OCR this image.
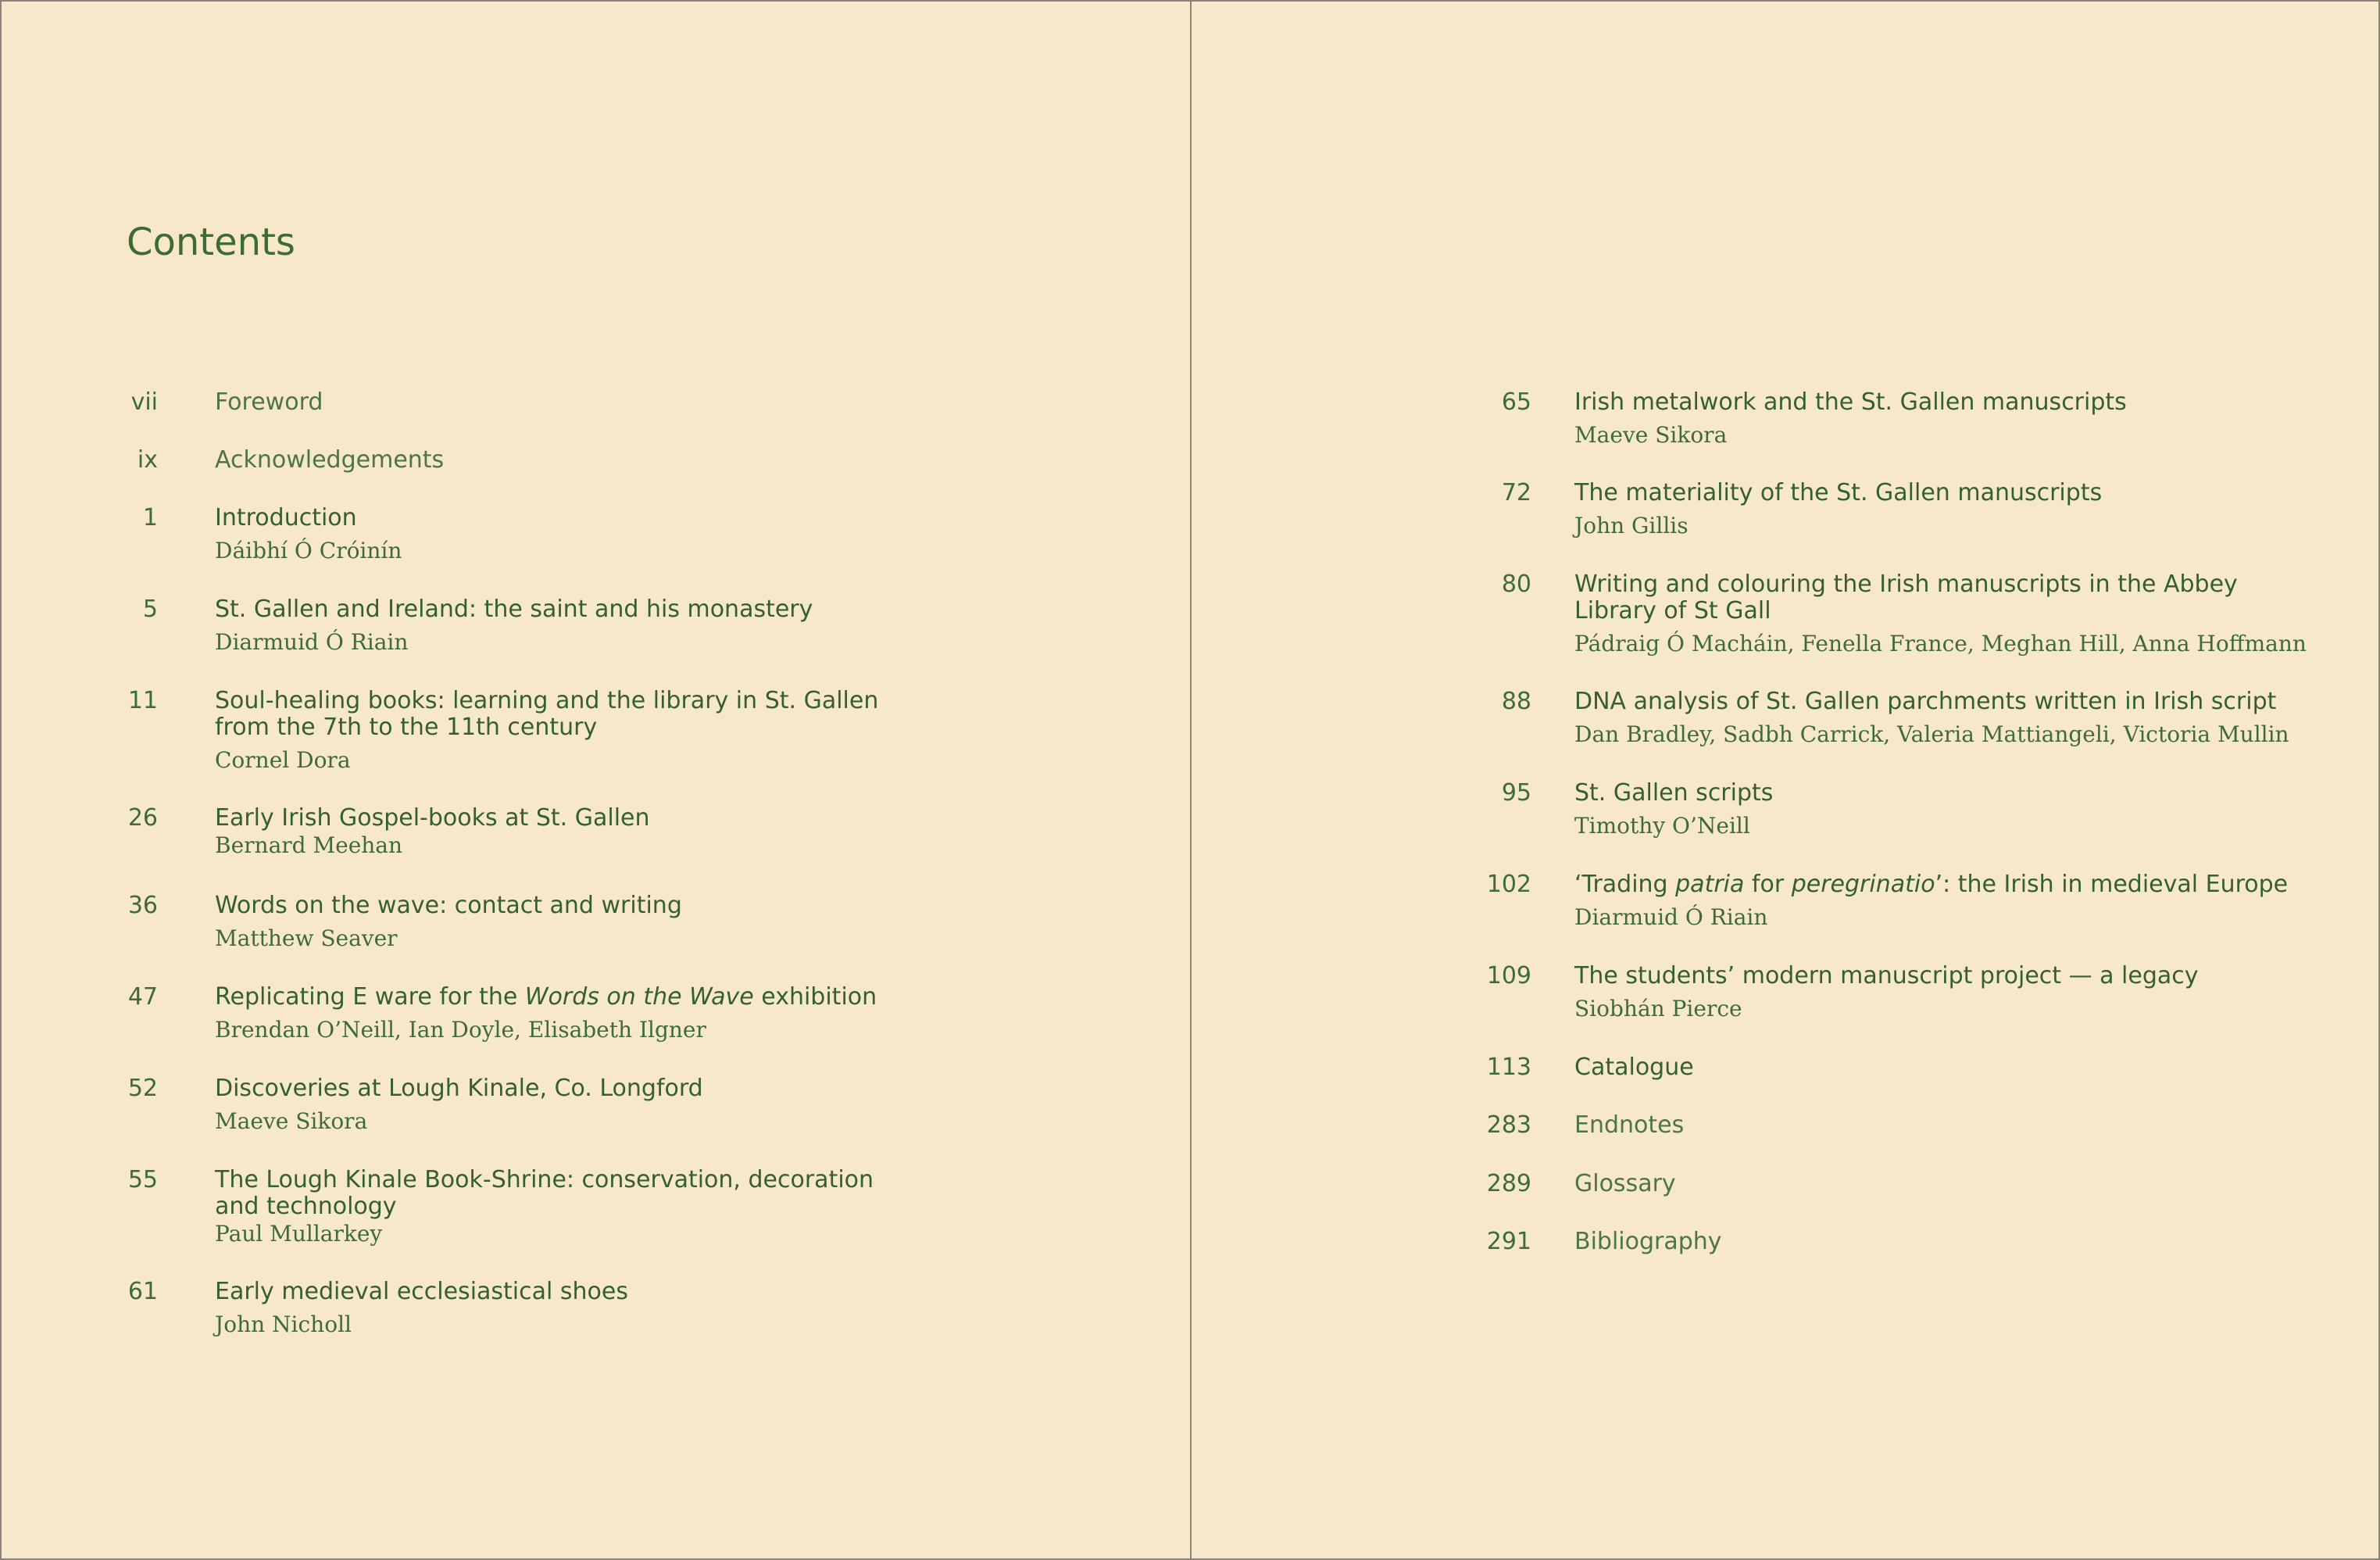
Contents
vii Foreword
ix Acknowledgements
1 Introduction
Dáibhí Ó Cróinín
5 St. Gallen and Ireland: the saint and his monastery
Diarmuid Ó Riain
11 Soul-healing books: learning and the library in St. Gallen
from the 7th to the 11th century
Cornel Dora
26 Early Irish Gospel-books at St. Gallen
Bernard Meehan
36 Words on the wave: contact and writing
Matthew Seaver
47 Replicating E ware for the Words on the Wave exhibition
Brendan O’Neill, Ian Doyle, Elisabeth Ilgner
52 Discoveries at Lough Kinale, Co. Longford
Maeve Sikora
55 The Lough Kinale Book-Shrine: conservation, decoration
and technology
Paul Mullarkey
61 Early medieval ecclesiastical shoes
John Nicholl
65 Irish metalwork and the St. Gallen manuscripts
Maeve Sikora
72 The materiality of the St. Gallen manuscripts
John Gillis
80 Writing and colouring the Irish manuscripts in the Abbey
Library of St Gall
Pádraig Ó Macháin, Fenella France, Meghan Hill, Anna Hoffmann
88 DNA analysis of St. Gallen parchments written in Irish script
Dan Bradley, Sadbh Carrick, Valeria Mattiangeli, Victoria Mullin
95 St. Gallen scripts
Timothy O’Neill
102 ‘Trading patria for peregrinatio’: the Irish in medieval Europe
Diarmuid Ó Riain
109 The students’ modern manuscript project — a legacy
Siobhán Pierce
113 Catalogue
283 Endnotes
289 Glossary
291 Bibliography
